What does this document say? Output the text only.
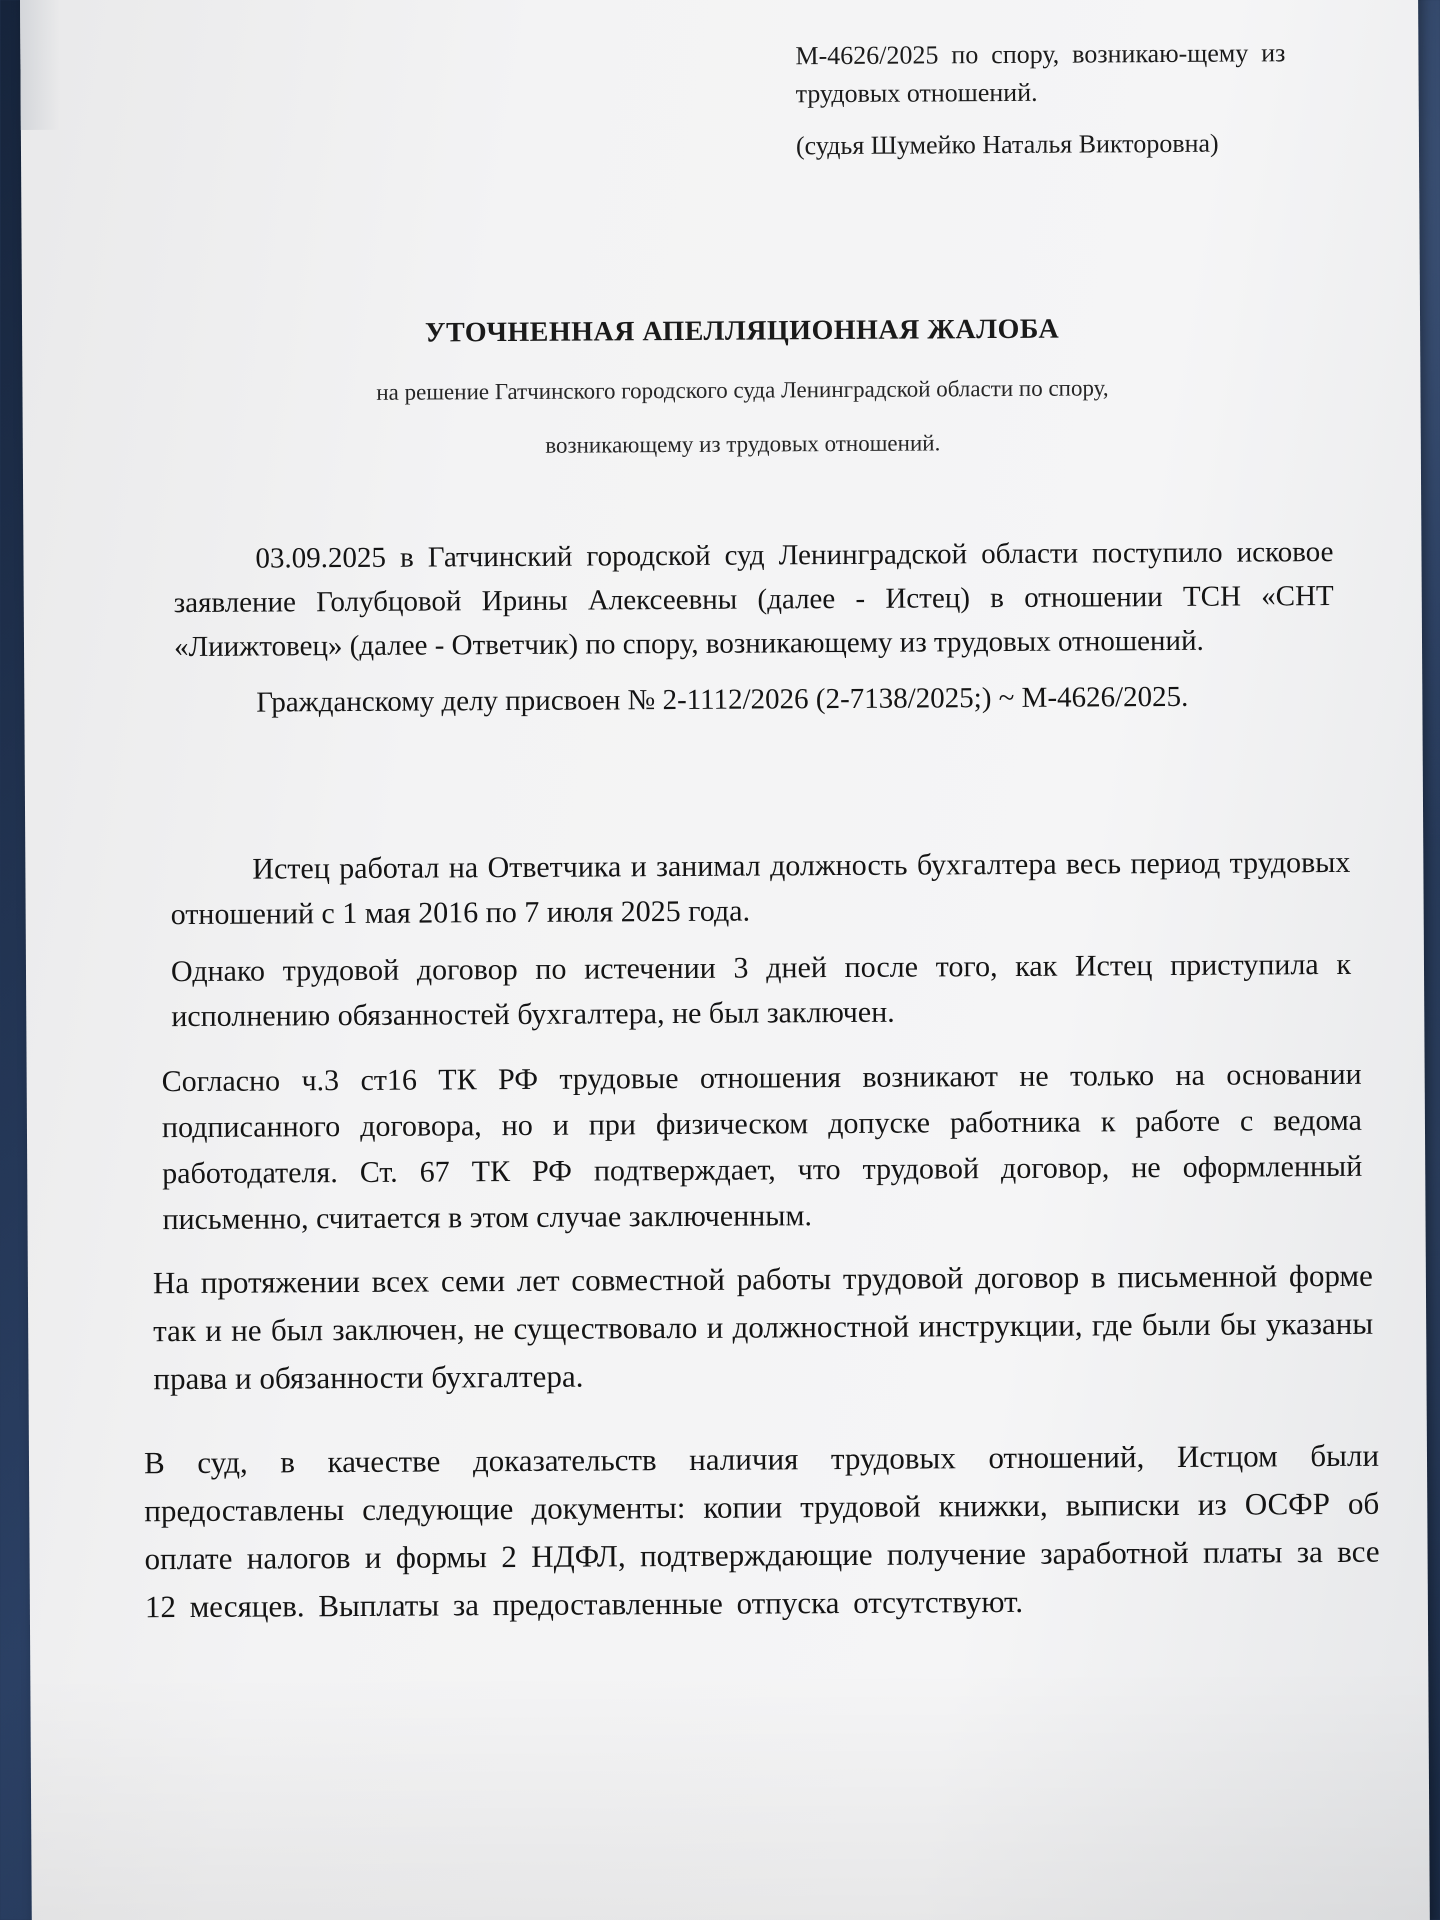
М-4626/2025 по спору, возникаю-щему из трудовых отношений.

(судья Шумейко Наталья Викторовна)

УТОЧНЕННАЯ АПЕЛЛЯЦИОННАЯ ЖАЛОБА
на решение Гатчинского городского суда Ленинградской области по спору,
возникающему из трудовых отношений.

03.09.2025 в Гатчинский городской суд Ленинградской области поступило исковое заявление Голубцовой Ирины Алексеевны (далее - Истец) в отношении ТСН «СНТ «Лиижтовец» (далее - Ответчик) по спору, возникающему из трудовых отношений.

Гражданскому делу присвоен № 2-1112/2026 (2-7138/2025;) ~ М-4626/2025.

Истец работал на Ответчика и занимал должность бухгалтера весь период трудовых отношений с 1 мая 2016 по 7 июля 2025 года.

Однако трудовой договор по истечении 3 дней после того, как Истец приступила к исполнению обязанностей бухгалтера, не был заключен.

Согласно ч.3 ст16 ТК РФ трудовые отношения возникают не только на основании подписанного договора, но и при физическом допуске работника к работе с ведома работодателя. Ст. 67 ТК РФ подтверждает, что трудовой договор, не оформленный письменно, считается в этом случае заключенным.

На протяжении всех семи лет совместной работы трудовой договор в письменной форме так и не был заключен, не существовало и должностной инструкции, где были бы указаны права и обязанности бухгалтера.

В суд, в качестве доказательств наличия трудовых отношений, Истцом были предоставлены следующие документы: копии трудовой книжки, выписки из ОСФР об оплате налогов и формы 2 НДФЛ, подтверждающие получение заработной платы за все 12 месяцев. Выплаты за предоставленные отпуска отсутствуют.
